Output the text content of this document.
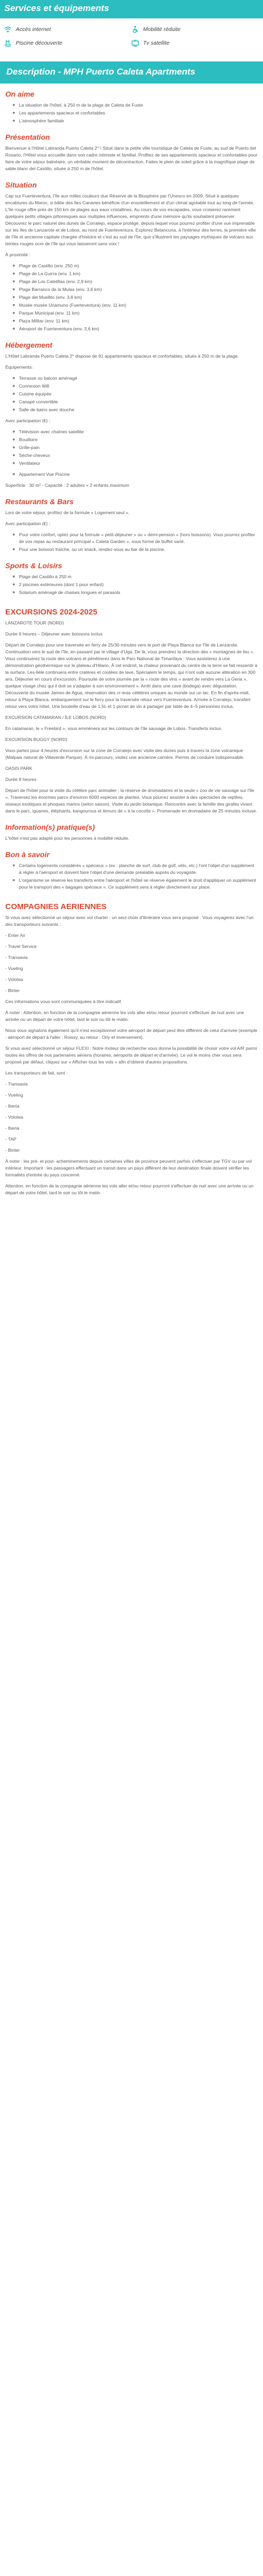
Services et équipements
Accès internet	Mobilité réduite
Piscine découverte	Tv satellite
Description - MPH Puerto Caleta Apartments
On aime
■ La situation de l'hôtel, à 250 m de la plage de Caleta de Fuste
■ Les appartements spacieux et confortables
■ L'atmosphère familiale
Présentation

Bienvenue à l'Hôtel Labranda Puerto Caleta 2* ! Situé dans la petite ville touristique de Caleta de Fuste, au sud de Puerto del Rosario, l'Hôtel vous accueille dans son cadre intimiste et familial. Profitez de ses appartements spacieux et confortables pour faire de votre séjour balnéaire, un véritable moment de décontraction. Faites le plein de soleil grâce à la magnifique plage de sable blanc del Castillo, située à 250 m de l'hôtel.

Situation

Cap sur Fuerteventura, l'île aux milles couleurs due Réserve de la Biosphère par l'Unesco en 2009. Situé à quelques encablures du Maroc, si bâtie des îles Canaries bénéficie d'un ensoleillement et d'un climat agréable tout au long de l'année. L'île rouge offre près de 150 km de plages aux eaux cristallines. Au cours de vos escapades, vous croiserez rarement quelques petits villages pittoresques aux multiples influences, empreints d'une mémoire qu'ils souhaitent préserver. Découvrez le parc naturel des dunes de Corralejo, espace protégé, depuis lequel vous pourrez profiter d'une vue imprenable sur les îles de Lanzarote et de Lobos, au nord de Fuerteventura. Explorez Betancuria, à l'intérieur des terres, la première ville de l'île et ancienne capitale chargée d'histoire et c'est au sud de l'île, que s'illustrent les paysages mythiques de volcans aux teintes rouges ocre de l'île qui vous laisseront sans voix !

À proximité :

■ Plage de Castillo (env. 250 m)
■ Plage de La Guirra (env. 1 km)
■ Plage de Los Caletillas (env. 2,9 km)
■ Plage Barranco de la Mulas (env. 3,6 km)
■ Plage del Muellito (env. 3,8 km)
■ Musée musée Unamuno (Fuerteventura) (env. 11 km)
■ Parque Municipal (env. 11 km)
■ Plaza Militar (env. 11 km)
■ Aéroport de Fuerteventura (env. 3,6 km)
Hébergement

L'Hôtel Labranda Puerto Caleta 2* dispose de 91 appartements spacieux et confortables, situés à 250 m de la plage.

Équipements :

■ Terrasse ou balcon aménagé
■ Connexion Wifi
■ Cuisine équipée
■ Canapé convertible
■ Salle de bains avec douche

Avec participation (€) :

■ Télévision avec chaînes satellite
■ Bouilloire
■ Grille-pain
■ Sèche-cheveux
■ Ventilateur
■ Appartement Vue Piscine

Superficie : 30 m² - Capacité : 2 adultes + 2 enfants maximum

Restaurants & Bars

Lors de votre séjour, profitez de la formule « Logement seul ».

Avec participation (€) :

■ Pour votre confort, optez pour la formule « petit-déjeuner » ou « demi-pension » (hors boissons). Vous pourrez profiter de vos repas au restaurant principal « Caleta Garden », sous forme de buffet varié.
■ Pour une boisson fraîche, ou un snack, rendez-vous au bar de la piscine.
Sports & Loisirs
■ Plage del Castillo à 250 m
■ 2 piscines extérieures (dont 1 pour enfant)
■ Solarium aménagé de chaises longues et parasols
EXCURSIONS 2024-2025

LANZAROTE TOUR (NORD)

Durée 9 heures – Déjeuner avec boissons inclus

Départ de Corralejo pour une traversée en ferry de 25/30 minutes vers le port de Playa Blanca sur l'île de Lanzarote. Continuation vers le sud de l'île, en passant par le village d'Uga. De là, vous prendrez la direction des « montagnes de feu ». Vous continuerez la route des volcans et pénètrerez dans le Parc National de Timanfaya : Vous assisterez à une démonstration géothermique sur le plateau d'Hilario. À cet endroit, la chaleur provenant du centre de la terre se fait ressentir à la surface. Les-lièle continuera entre cratères et coulées de lave. Spécialem le temps, qui n'ont subi aucune altération en 300 ans. Déjeuner en cours d'excursion. Poursuite de votre journée par la « route des vins » avant de rendre vers La Geria », quelque visage chez qui il doit se s'adapter à son environnement ». Arrêt dans une cave (bodega) avec dégustation. Découverte du musée Jameo de Agua, réservation des cr-eras célèbres uniques au monde sur un lac. En fin d'après-midi, retour à Playa Blanca, embarquement sur le ferry pour la traversée retour vers Fuerteventura. Arrivée à Corralejo, transfert retour vers votre hôtel. Une bouteille d'eau de 1,5L et 1 picnet de vin à partager par table de 4–5 personnes inclus.

EXCURSION CATAMARAN / ÎLE LOBOS (NORD)

En catamaran, le « Freebird », vous emmènera sur les contours de l'île sauvage de Lobos. Transferts inclus.

EXCURSION BUGGY (NORD)

Vous partez pour 4 heures d'excursion sur la zone de Corralejo avec visite des dunes puis à travers la zone volcanique (Malpais natural de Villaverde Parque). À mi-parcours, visitez une ancienne carrière. Permis de conduire indispensable.

OASIS PARK

Durée 8 heures

Départ de l'hôtel pour la visite du célèbre parc animalier : la réserve de dromadaires et la seule « zoo de vie sauvage sur l'île ». Traversez les énormes parcs d'environ 6000 espèces de plantes. Vous pourrez assister à des spectacles de reptiles, oiseaux exotiques et phoques marins (selon saison). Visite du jardin botanique. Rencontre avec la famille des girafes vivant dans le parc, iguanes, éléphants, kangourous et lémurs de « à la cocotte ». Promenade en dromadaire de 25 minutes incluse.

Information(s) pratique(s)

L'hôtel n'est pas adapté pour les personnes à mobilité réduite.

Bon à savoir
■ Certains logements considérés « spécieux » (ex : planche de surf, club de golf, vélo, etc.) l'ont l'objet d'un supplément à régler à l'aéroport et doivent faire l'objet d'une demande préalable auprès du voyagiste.
■ L'organisme se réserve les transferts entre l'aéroport et l'hôtel se réserve également le droit d'appliquer un supplément pour le transport des « bagages spéciaux ». Ce supplément sera à régler directement sur place.
COMPAGNIES AERIENNES

Si vous avez sélectionné un séjour avec vol charter : un seul choix d'itinéraire vous sera proposé . Vous voyagerez avec l'un des transporteurs suivants :

- Enter Air

- Travel Service

- Transavia

- Vueling

- Volotea

- Binter

Ces informations vous sont communiquées à titre indicatif.

À noter : Attention, en fonction de la compagnie aérienne les vols aller et/ou retour pourront s'effectuer de nuit avec une arrivée ou un départ de votre hôtel, tard le soir ou tôt le matin.

Nous vous signalons également qu'il n'est exceptionnel votre aéroport de départ peut être différent de celui d'arrivée (exemple : aéroport de départ à l'aller : Roissy, au retour : Orly et inversement).

Si vous avez sélectionné un séjour FLEXI : Notre moteur de recherche vous donne la possibilité de choisir votre vol A/R parmi toutes les offres de nos partenaires aériens (horaires, aéroports de départ et d'arrivée). Le vol le moins cher vous sera proposé par défaut, cliquez sur « Afficher tous les vols » afin d'obtenir d'autres propositions.

Les transporteurs de fait, sont :

- Transavia

- Vueling

- Iberia

- Volotea

- Iberia

- TAP

- Binter

À noter : les pré- et post- acheminements depuis certaines villes de province peuvent parfois s'effectuer par TGV ou par vol intérieur. Important : les passagers effectuant un transit dans un pays différent de leur destination finale doivent vérifier les formalités d'entrée du pays concerné.

Attention, en fonction de la compagnie aérienne les vols aller et/ou retour pourront s'effectuer de nuit avec une arrivée ou un départ de votre hôtel, tard le soir ou tôt le matin.
